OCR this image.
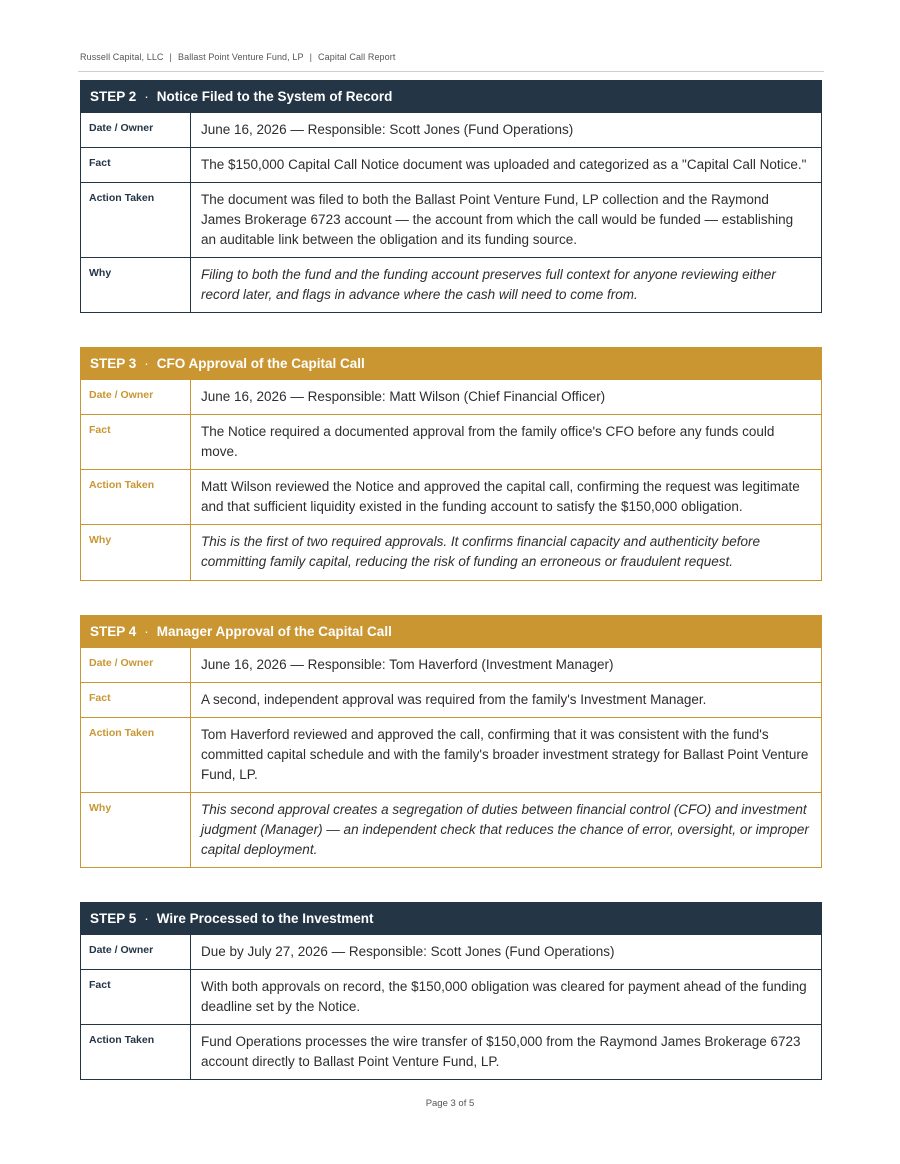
Russell Capital, LLC | Ballast Point Venture Fund, LP | Capital Call Report
STEP 2 · Notice Filed to the System of Record
Date / Owner	June 16, 2026 — Responsible: Scott Jones (Fund Operations)
Fact	The $150,000 Capital Call Notice document was uploaded and categorized as a "Capital Call Notice."
Action Taken	The document was filed to both the Ballast Point Venture Fund, LP collection and the Raymond James Brokerage 6723 account — the account from which the call would be funded — establishing an auditable link between the obligation and its funding source.
Why	Filing to both the fund and the funding account preserves full context for anyone reviewing either record later, and flags in advance where the cash will need to come from.
STEP 3 · CFO Approval of the Capital Call
Date / Owner	June 16, 2026 — Responsible: Matt Wilson (Chief Financial Officer)
Fact	The Notice required a documented approval from the family office's CFO before any funds could move.
Action Taken	Matt Wilson reviewed the Notice and approved the capital call, confirming the request was legitimate and that sufficient liquidity existed in the funding account to satisfy the $150,000 obligation.
Why	This is the first of two required approvals. It confirms financial capacity and authenticity before committing family capital, reducing the risk of funding an erroneous or fraudulent request.
STEP 4 · Manager Approval of the Capital Call
Date / Owner	June 16, 2026 — Responsible: Tom Haverford (Investment Manager)
Fact	A second, independent approval was required from the family's Investment Manager.
Action Taken	Tom Haverford reviewed and approved the call, confirming that it was consistent with the fund's committed capital schedule and with the family's broader investment strategy for Ballast Point Venture Fund, LP.
Why	This second approval creates a segregation of duties between financial control (CFO) and investment judgment (Manager) — an independent check that reduces the chance of error, oversight, or improper capital deployment.
STEP 5 · Wire Processed to the Investment
Date / Owner	Due by July 27, 2026 — Responsible: Scott Jones (Fund Operations)
Fact	With both approvals on record, the $150,000 obligation was cleared for payment ahead of the funding deadline set by the Notice.
Action Taken	Fund Operations processes the wire transfer of $150,000 from the Raymond James Brokerage 6723 account directly to Ballast Point Venture Fund, LP.
Page 3 of 5
